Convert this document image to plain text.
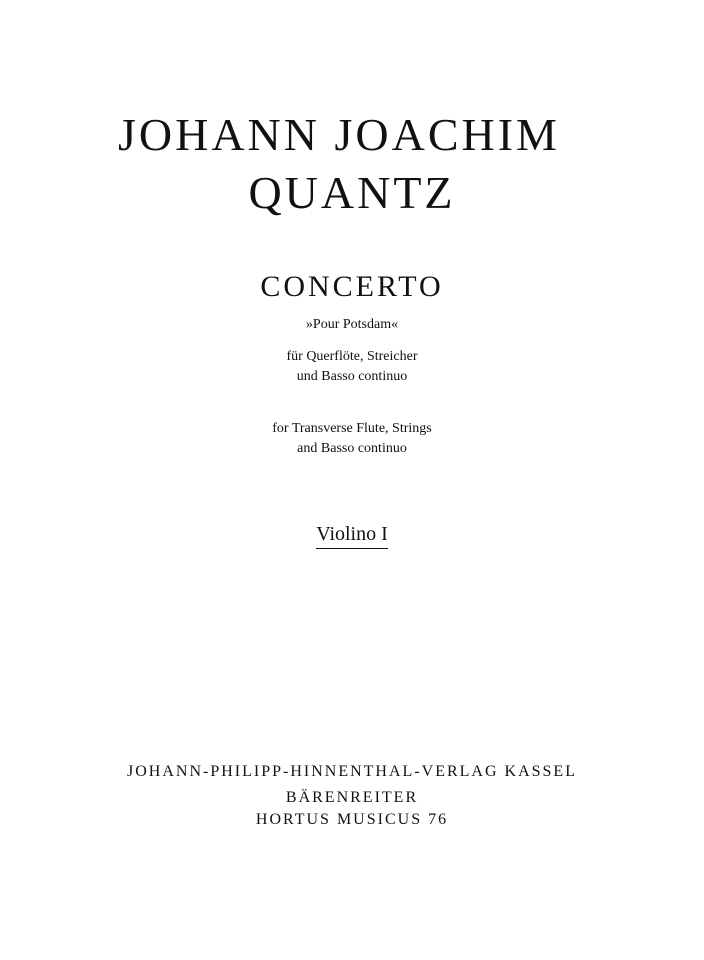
JOHANN JOACHIM
QUANTZ
CONCERTO

»Pour Potsdam«

für Querflöte, Streicher

und Basso continuo

for Transverse Flute, Strings

and Basso continuo

Violino I

JOHANN-PHILIPP-HINNENTHAL-VERLAG KASSEL

BÄRENREITER

HORTUS MUSICUS 76
